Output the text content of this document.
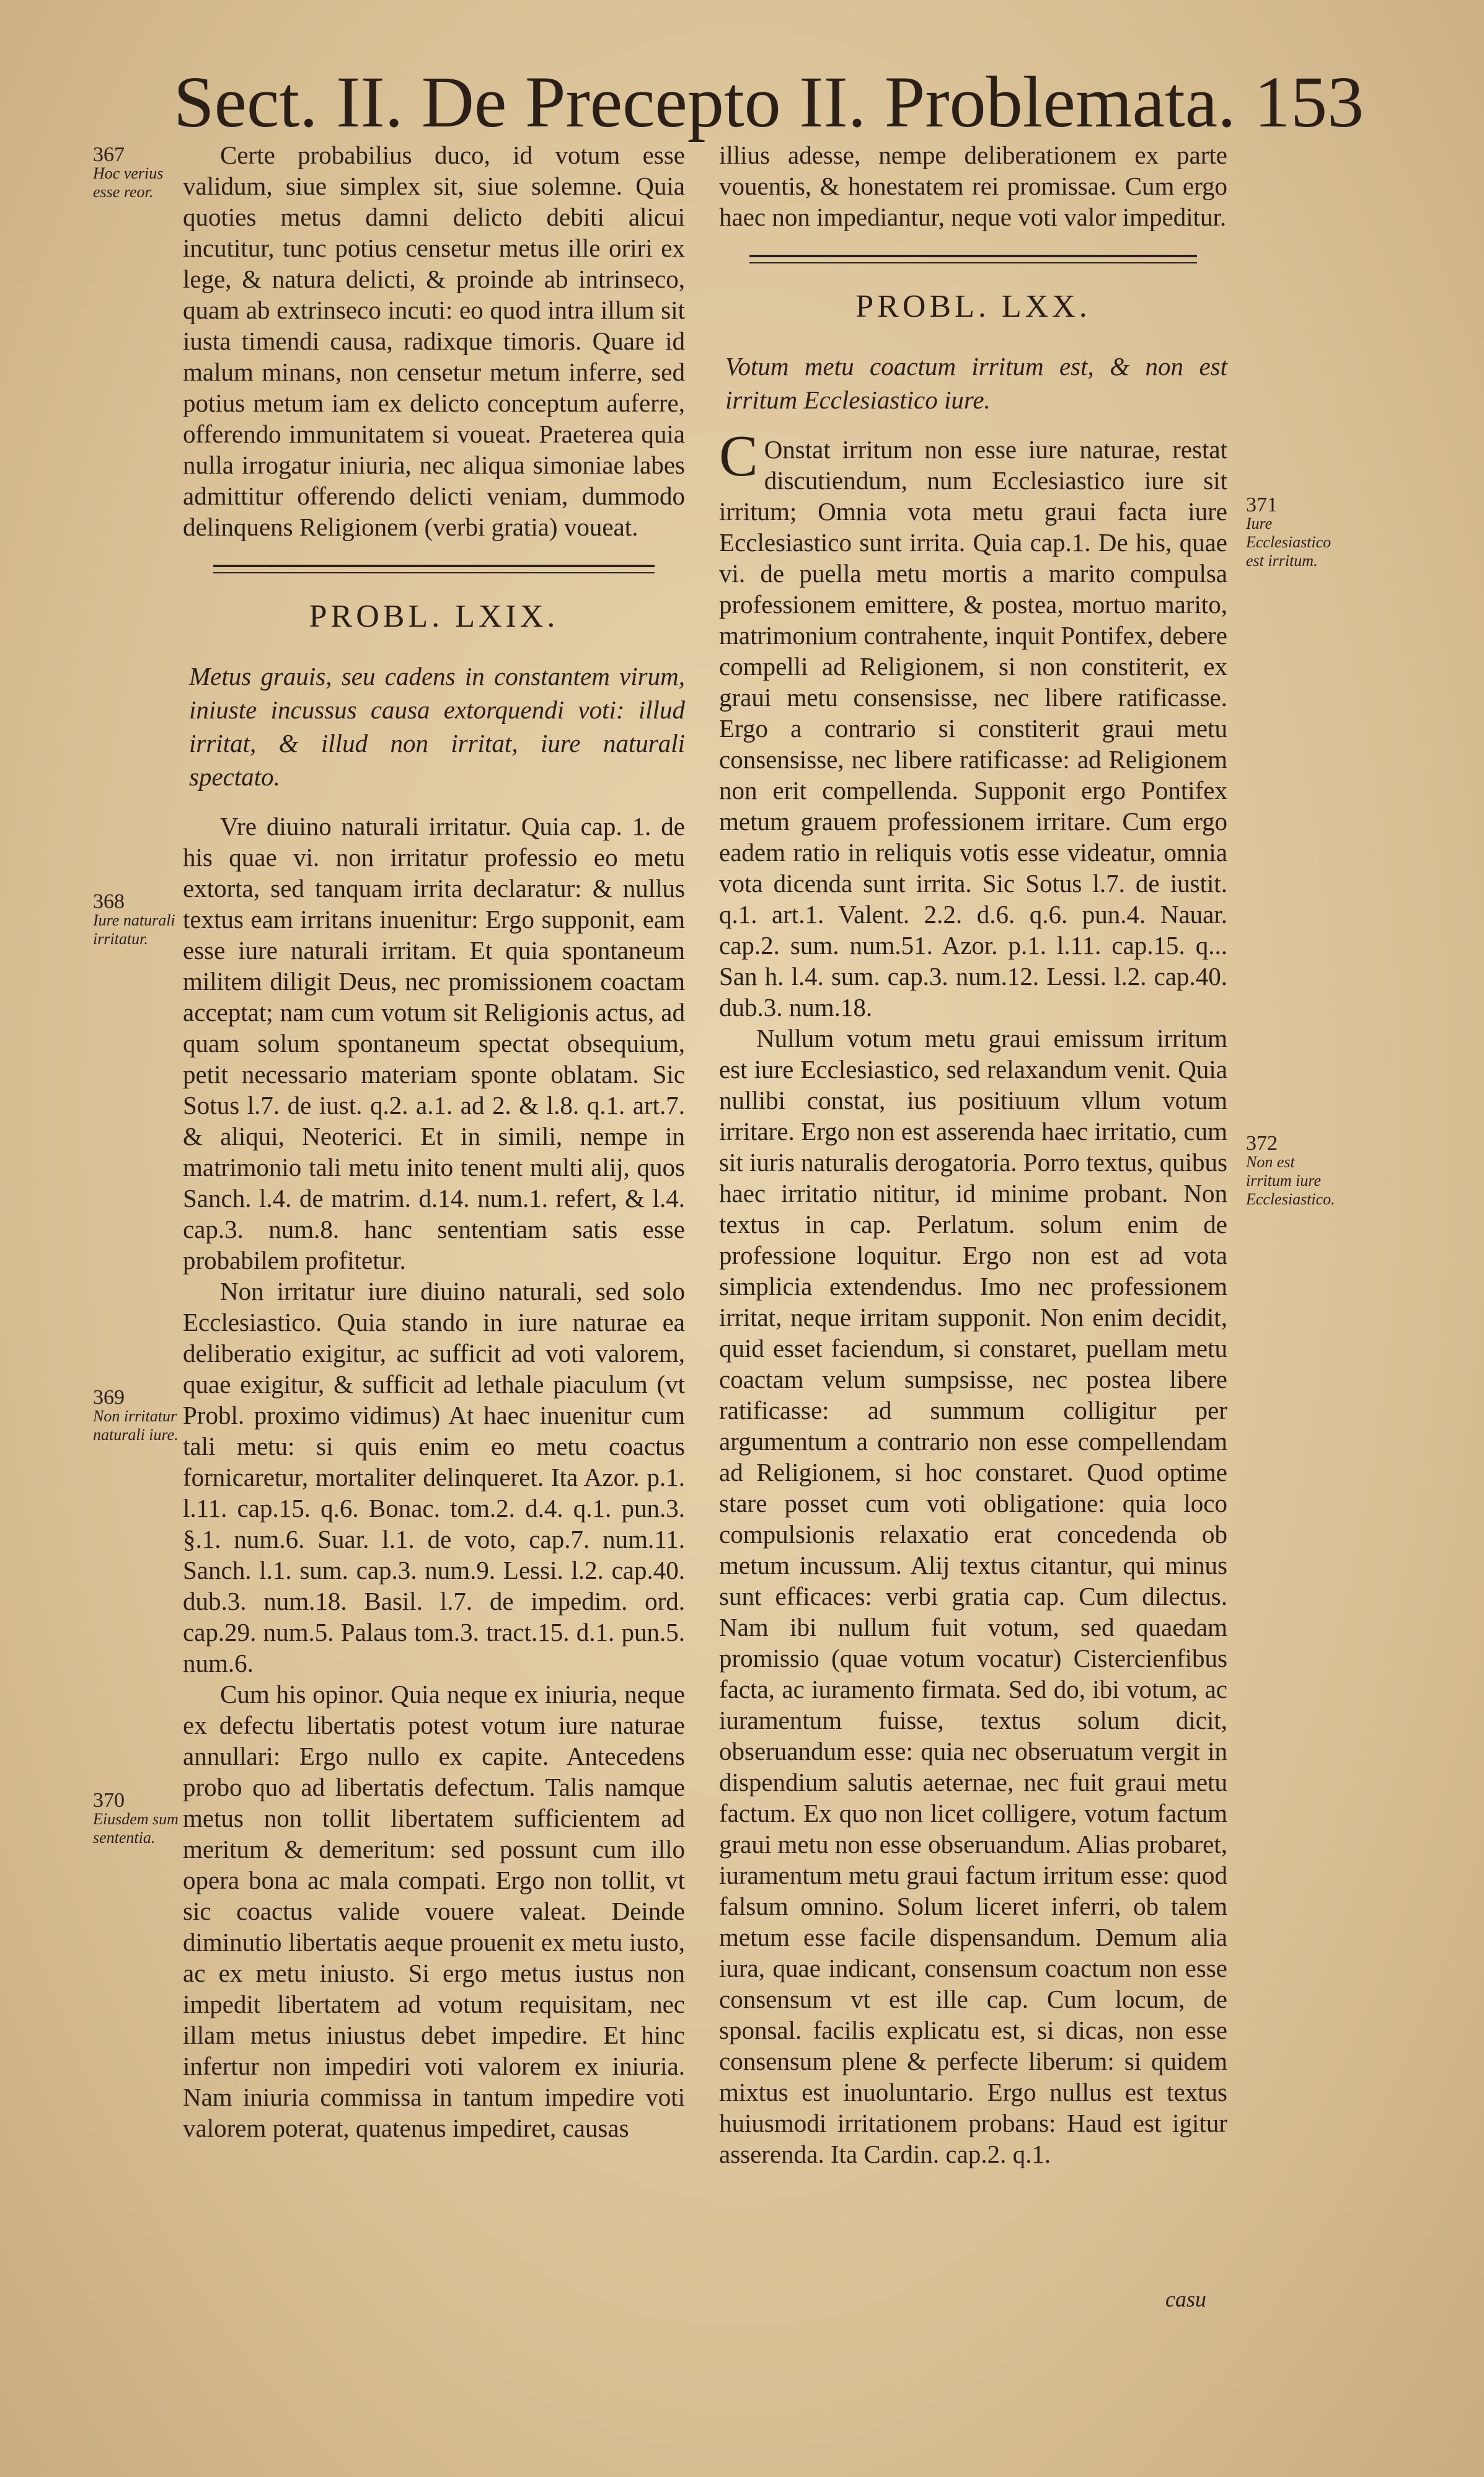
Sect. II. De Precepto II. Problemata. 153

Certe probabilius duco, id votum esse validum, siue simplex sit, siue solemne. Quia quoties metus damni delicto debiti alicui incutitur, tunc potius censetur metus ille oriri ex lege, & natura delicti, & proinde ab intrinseco, quam ab extrinseco incuti: eo quod intra illum sit iusta timendi causa, radixque timoris. Quare id malum minans, non censetur metum inferre, sed potius metum iam ex delicto conceptum auferre, offerendo immunitatem si voueat. Praeterea quia nulla irrogatur iniuria, nec aliqua simoniae labes admittitur offerendo delicti veniam, dummodo delinquens Religionem (verbi gratia) voueat.

PROBL. LXIX.
Metus grauis, seu cadens in constantem virum, iniuste incussus causa extorquendi voti: illud irritat, & illud non irritat, iure naturali spectato.

Vre diuino naturali irritatur. Quia cap. 1. de his quae vi. non irritatur professio eo metu extorta, sed tanquam irrita declaratur: & nullus textus eam irritans inuenitur: Ergo supponit, eam esse iure naturali irritam. Et quia spontaneum militem diligit Deus, nec promissionem coactam acceptat; nam cum votum sit Religionis actus, ad quam solum spontaneum spectat obsequium, petit necessario materiam sponte oblatam. Sic Sotus l.7. de iust. q.2. a.1. ad 2. & l.8. q.1. art.7. & aliqui, Neoterici. Et in simili, nempe in matrimonio tali metu inito tenent multi alij, quos Sanch. l.4. de matrim. d.14. num.1. refert, & l.4. cap.3. num.8. hanc sententiam satis esse probabilem profitetur.

Non irritatur iure diuino naturali, sed solo Ecclesiastico. Quia stando in iure naturae ea deliberatio exigitur, ac sufficit ad voti valorem, quae exigitur, & sufficit ad lethale piaculum (vt Probl. proximo vidimus) At haec inuenitur cum tali metu: si quis enim eo metu coactus fornicaretur, mortaliter delinqueret. Ita Azor. p.1. l.11. cap.15. q.6. Bonac. tom.2. d.4. q.1. pun.3. §.1. num.6. Suar. l.1. de voto, cap.7. num.11. Sanch. l.1. sum. cap.3. num.9. Lessi. l.2. cap.40. dub.3. num.18. Basil. l.7. de impedim. ord. cap.29. num.5. Palaus tom.3. tract.15. d.1. pun.5. num.6.

Cum his opinor. Quia neque ex iniuria, neque ex defectu libertatis potest votum iure naturae annullari: Ergo nullo ex capite. Antecedens probo quo ad libertatis defectum. Talis namque metus non tollit libertatem sufficientem ad meritum & demeritum: sed possunt cum illo opera bona ac mala compati. Ergo non tollit, vt sic coactus valide vouere valeat. Deinde diminutio libertatis aeque prouenit ex metu iusto, ac ex metu iniusto. Si ergo metus iustus non impedit libertatem ad votum requisitam, nec illam metus iniustus debet impedire. Et hinc infertur non impediri voti valorem ex iniuria. Nam iniuria commissa in tantum impedire voti valorem poterat, quatenus impediret, causas

illius adesse, nempe deliberationem ex parte vouentis, & honestatem rei promissae. Cum ergo haec non impediantur, neque voti valor impeditur.

PROBL. LXX.
Votum metu coactum irritum est, & non est irritum Ecclesiastico iure.

C Onstat irritum non esse iure naturae, restat discutiendum, num Ecclesiastico iure sit irritum; Omnia vota metu graui facta iure Ecclesiastico sunt irrita. Quia cap.1. De his, quae vi. de puella metu mortis a marito compulsa professionem emittere, & postea, mortuo marito, matrimonium contrahente, inquit Pontifex, debere compelli ad Religionem, si non constiterit, ex graui metu consensisse, nec libere ratificasse. Ergo a contrario si constiterit graui metu consensisse, nec libere ratificasse: ad Religionem non erit compellenda. Supponit ergo Pontifex metum grauem professionem irritare. Cum ergo eadem ratio in reliquis votis esse videatur, omnia vota dicenda sunt irrita. Sic Sotus l.7. de iustit. q.1. art.1. Valent. 2.2. d.6. q.6. pun.4. Nauar. cap.2. sum. num.51. Azor. p.1. l.11. cap.15. q... San h. l.4. sum. cap.3. num.12. Lessi. l.2. cap.40. dub.3. num.18.

Nullum votum metu graui emissum irritum est iure Ecclesiastico, sed relaxandum venit. Quia nullibi constat, ius positiuum vllum votum irritare. Ergo non est asserenda haec irritatio, cum sit iuris naturalis derogatoria. Porro textus, quibus haec irritatio nititur, id minime probant. Non textus in cap. Perlatum. solum enim de professione loquitur. Ergo non est ad vota simplicia extendendus. Imo nec professionem irritat, neque irritam supponit. Non enim decidit, quid esset faciendum, si constaret, puellam metu coactam velum sumpsisse, nec postea libere ratificasse: ad summum colligitur per argumentum a contrario non esse compellendam ad Religionem, si hoc constaret. Quod optime stare posset cum voti obligatione: quia loco compulsionis relaxatio erat concedenda ob metum incussum. Alij textus citantur, qui minus sunt efficaces: verbi gratia cap. Cum dilectus. Nam ibi nullum fuit votum, sed quaedam promissio (quae votum vocatur) Cistercienfibus facta, ac iuramento firmata. Sed do, ibi votum, ac iuramentum fuisse, textus solum dicit, obseruandum esse: quia nec obseruatum vergit in dispendium salutis aeternae, nec fuit graui metu factum. Ex quo non licet colligere, votum factum graui metu non esse obseruandum. Alias probaret, iuramentum metu graui factum irritum esse: quod falsum omnino. Solum liceret inferri, ob talem metum esse facile dispensandum. Demum alia iura, quae indicant, consensum coactum non esse consensum vt est ille cap. Cum locum, de sponsal. facilis explicatu est, si dicas, non esse consensum plene & perfecte liberum: si quidem mixtus est inuoluntario. Ergo nullus est textus huiusmodi irritationem probans: Haud est igitur asserenda. Ita Cardin. cap.2. q.1.

367
Hoc verius esse reor.
368
Iure naturali irritatur.
369
Non irritatur naturali iure.
370
Eiusdem sum sententia.
371
Iure Ecclesiastico est irritum.
372
Non est irritum iure Ecclesiastico.
casu
